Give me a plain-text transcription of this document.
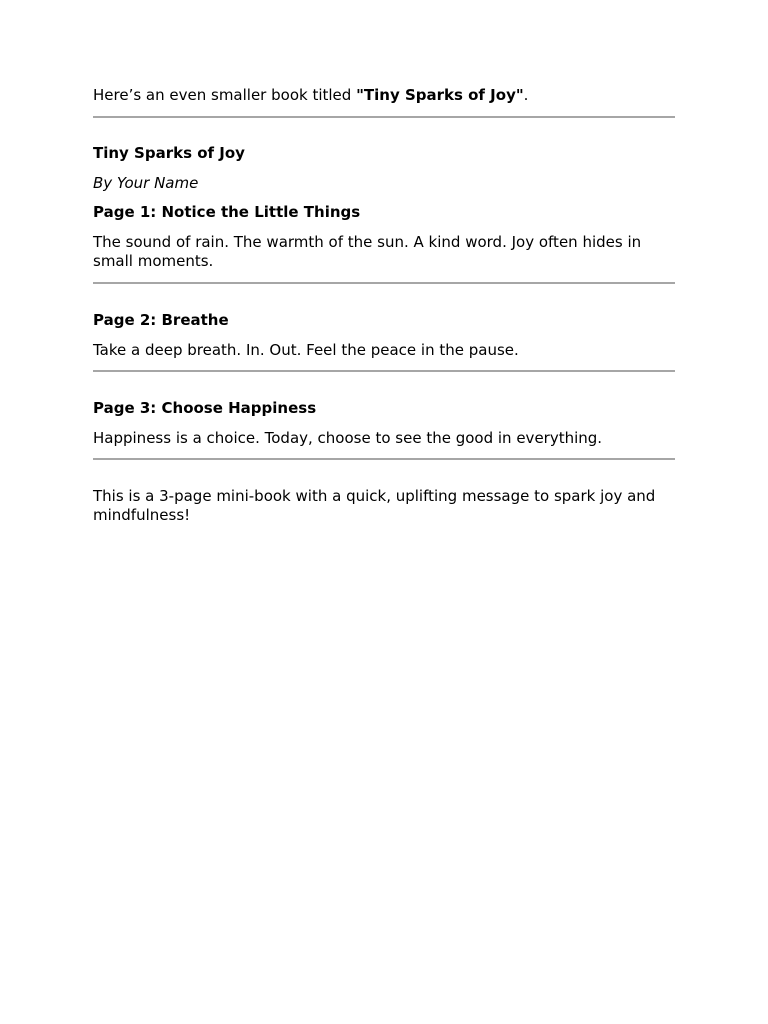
Here’s an even smaller book titled "Tiny Sparks of Joy".

Tiny Sparks of Joy

By Your Name

Page 1: Notice the Little Things

The sound of rain. The warmth of the sun. A kind word. Joy often hides in small moments.

Page 2: Breathe

Take a deep breath. In. Out. Feel the peace in the pause.

Page 3: Choose Happiness

Happiness is a choice. Today, choose to see the good in everything.

This is a 3-page mini-book with a quick, uplifting message to spark joy and mindfulness!
